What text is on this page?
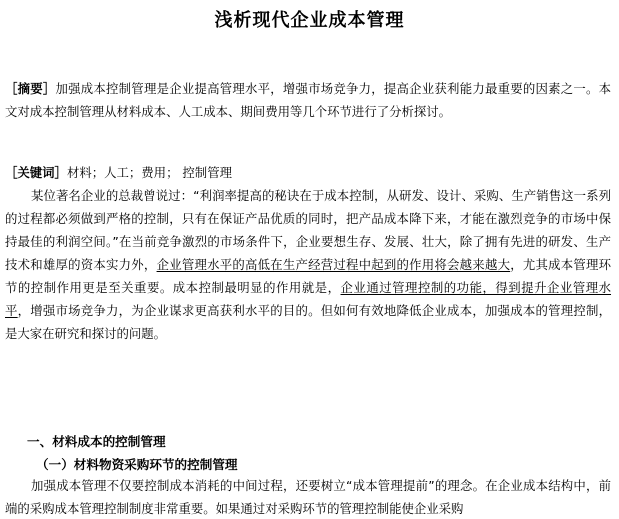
浅析现代企业成本管理

［摘要］加强成本控制管理是企业提高管理水平，增强市场竞争力，提高企业获利能力最重要的因素之一。本文对成本控制管理从材料成本、人工成本、期间费用等几个环节进行了分析探讨。

［关键词］材料；人工；费用； 控制管理

某位著名企业的总裁曾说过：“利润率提高的秘诀在于成本控制，从研发、设计、采购、生产销售这一系列的过程都必须做到严格的控制，只有在保证产品优质的同时，把产品成本降下来，才能在激烈竞争的市场中保持最佳的利润空间。”在当前竞争激烈的市场条件下，企业要想生存、发展、壮大，除了拥有先进的研发、生产技术和雄厚的资本实力外，企业管理水平的高低在生产经营过程中起到的作用将会越来越大，尤其成本管理环节的控制作用更是至关重要。成本控制最明显的作用就是，企业通过管理控制的功能，得到提升企业管理水平，增强市场竞争力，为企业谋求更高获利水平的目的。但如何有效地降低企业成本，加强成本的管理控制，是大家在研究和探讨的问题。

一、材料成本的控制管理
（一）材料物资采购环节的控制管理

加强成本管理不仅要控制成本消耗的中间过程，还要树立“成本管理提前”的理念。在企业成本结构中，前端的采购成本管理控制制度非常重要。如果通过对采购环节的管理控制能使企业采购
